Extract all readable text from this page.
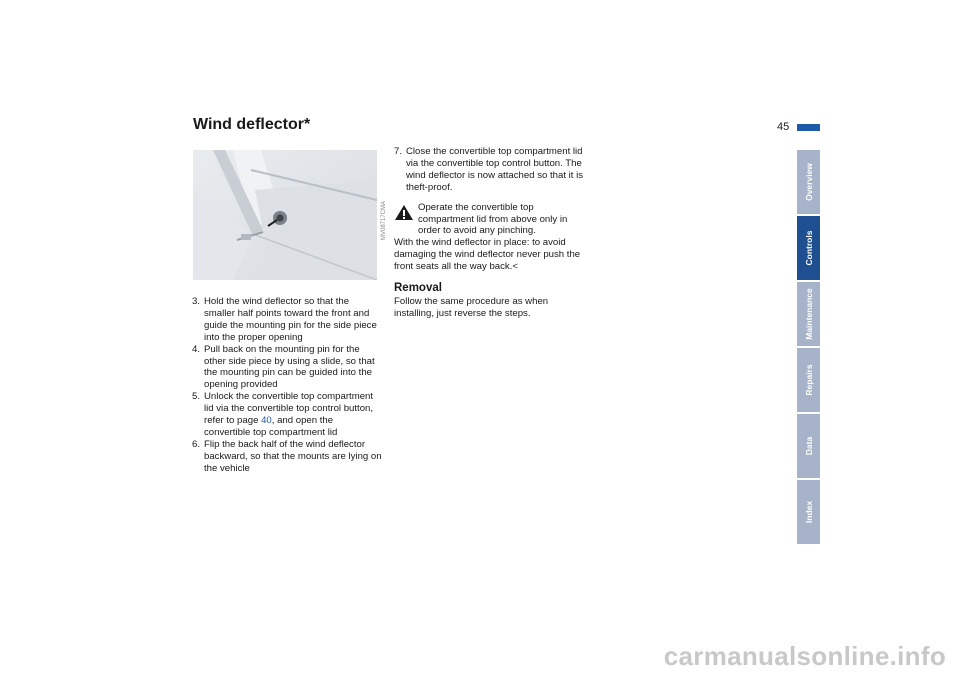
Wind deflector*	45
MV08717CMA
3. Hold the wind deflector so that the smaller half points toward the front and guide the mounting pin for the side piece into the proper opening
4. Pull back on the mounting pin for the other side piece by using a slide, so that the mounting pin can be guided into the opening provided
5. Unlock the convertible top compartment lid via the convertible top control button, refer to page 40, and open the convertible top compartment lid
6. Flip the back half of the wind deflector backward, so that the mounts are lying on the vehicle
7. Close the convertible top compartment lid via the convertible top control button. The wind deflector is now attached so that it is theft-proof.
Operate the convertible top compartment lid from above only in order to avoid any pinching.
With the wind deflector in place: to avoid damaging the wind deflector never push the front seats all the way back.<
Removal
Follow the same procedure as when installing, just reverse the steps.
Overview
Controls
Maintenance
Repairs
Data
Index
carmanualsonline.info
